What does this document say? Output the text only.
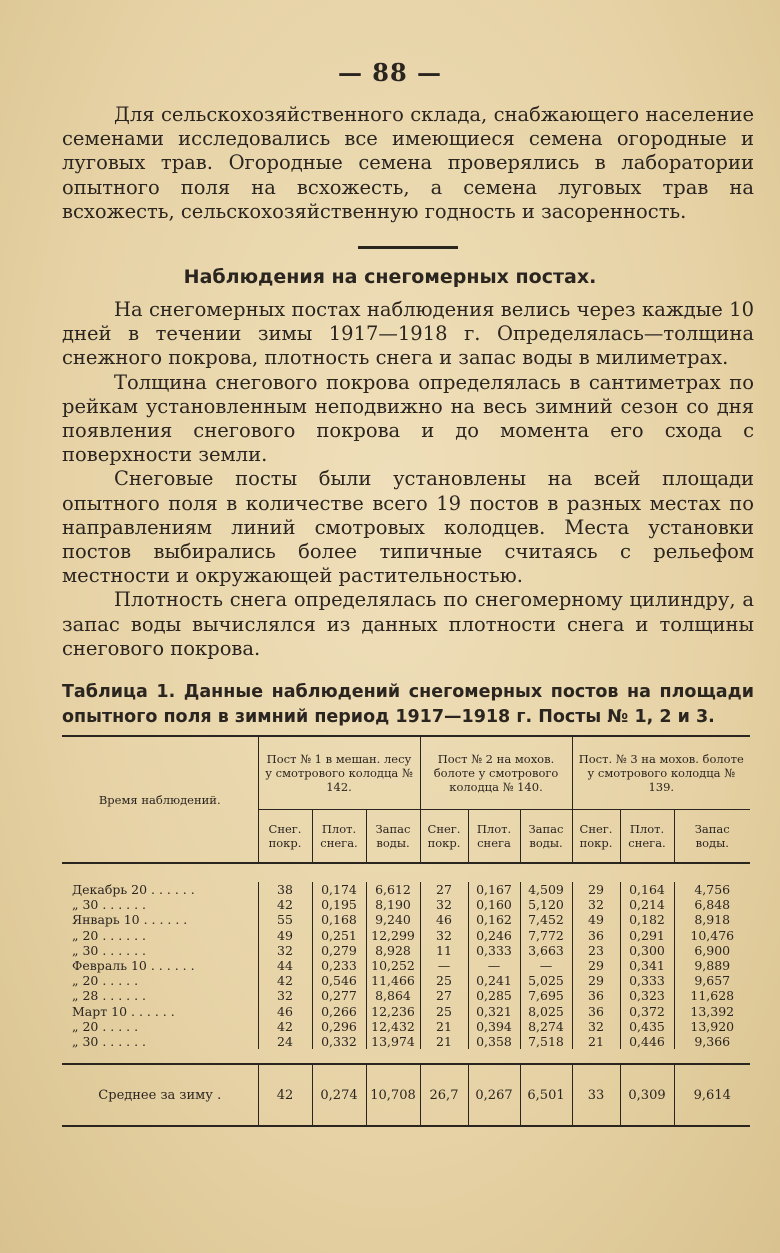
— 88 —

Для сельскохозяйственного склада, снабжающего население семенами исследовались все имеющиеся семена огородные и луговых трав. Огородные семена проверялись в лаборатории опытного поля на всхожесть, а семена луговых трав на всхожесть, сельскохозяйственную годность и засоренность.

Наблюдения на снегомерных постах.

На снегомерных постах наблюдения велись через каждые 10 дней в течении зимы 1917—1918 г. Определялась—толщина снежного покрова, плотность снега и запас воды в милиметрах.

Толщина снегового покрова определялась в сантиметрах по рейкам установленным неподвижно на весь зимний сезон со дня появления снегового покрова и до момента его схода с поверхности земли.

Снеговые посты были установлены на всей площади опытного поля в количестве всего 19 постов в разных местах по направлениям линий смотровых колодцев. Места установки постов выбирались более типичные считаясь с рельефом местности и окружающей растительностью.

Плотность снега определялась по снегомерному цилиндру, а запас воды вычислялся из данных плотности снега и толщины снегового покрова.

Таблица 1. Данные наблюдений снегомерных постов на площади опытного поля в зимний период 1917—1918 г. Посты № 1, 2 и 3.
Время наблюдений.	Пост № 1 в мешан. лесу у смотрового колодца № 142.			Пост № 2 на мохов. болоте у смотрового колодца № 140.			Пост. № 3 на мохов. болоте у смотрового колодца № 139.		
	Снег. покр.	Плот. снега.	Запас воды.	Снег. покр.	Плот. снега	Запас воды.	Снег. покр.	Плот. снега.	Запас воды.

Декабрь 20 . . . . . .	38	0,174	6,612	27	0,167	4,509	29	0,164	4,756
„ 30 . . . . . .	42	0,195	8,190	32	0,160	5,120	32	0,214	6,848
Январь 10 . . . . . .	55	0,168	9,240	46	0,162	7,452	49	0,182	8,918
„ 20 . . . . . .	49	0,251	12,299	32	0,246	7,772	36	0,291	10,476
„ 30 . . . . . .	32	0,279	8,928	11	0,333	3,663	23	0,300	6,900
Февраль 10 . . . . . .	44	0,233	10,252	—	—	—	29	0,341	9,889
„ 20 . . . . .	42	0,546	11,466	25	0,241	5,025	29	0,333	9,657
„ 28 . . . . . .	32	0,277	8,864	27	0,285	7,695	36	0,323	11,628
Март 10 . . . . . .	46	0,266	12,236	25	0,321	8,025	36	0,372	13,392
„ 20 . . . . .	42	0,296	12,432	21	0,394	8,274	32	0,435	13,920
„ 30 . . . . . .	24	0,332	13,974	21	0,358	7,518	21	0,446	9,366

Среднее за зиму .	42	0,274	10,708	26,7	0,267	6,501	33	0,309	9,614
